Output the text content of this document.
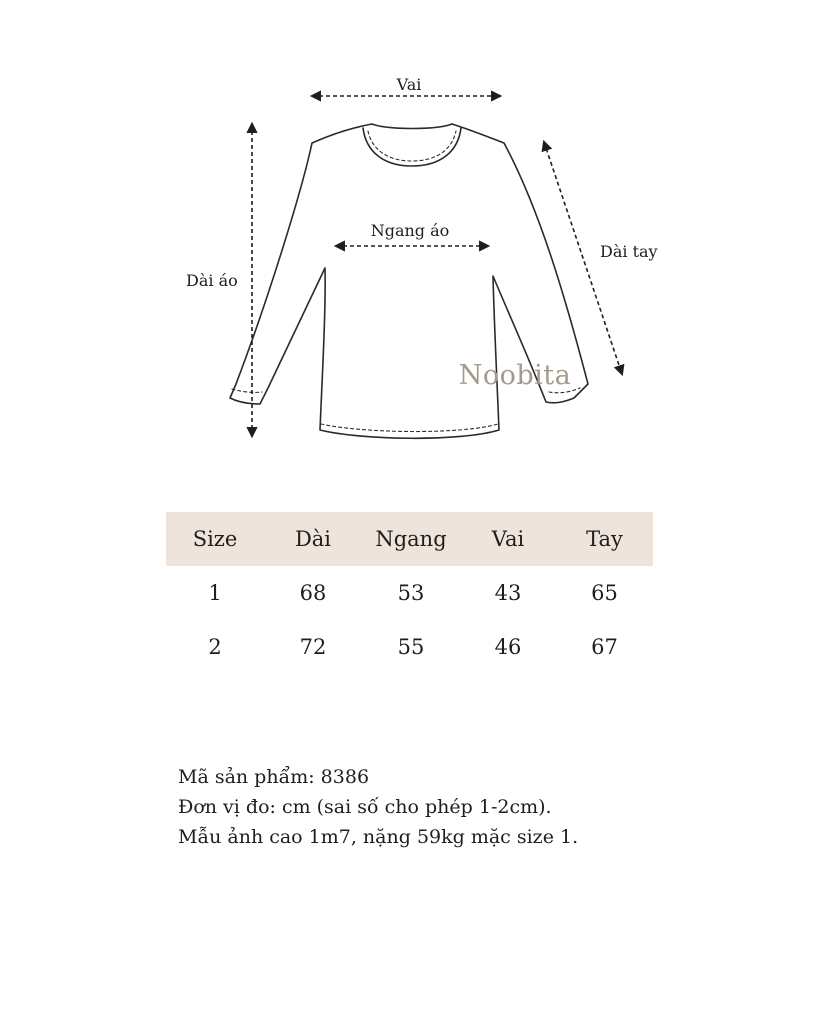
Vai
Ngang áo
Dài tay
Dài áo
Noobita
Size	Dài	Ngang	Vai	Tay
1	68	53	43	65
2	72	55	46	67
Mã sản phẩm: 8386
Đơn vị đo: cm (sai số cho phép 1-2cm).
Mẫu ảnh cao 1m7, nặng 59kg mặc size 1.
